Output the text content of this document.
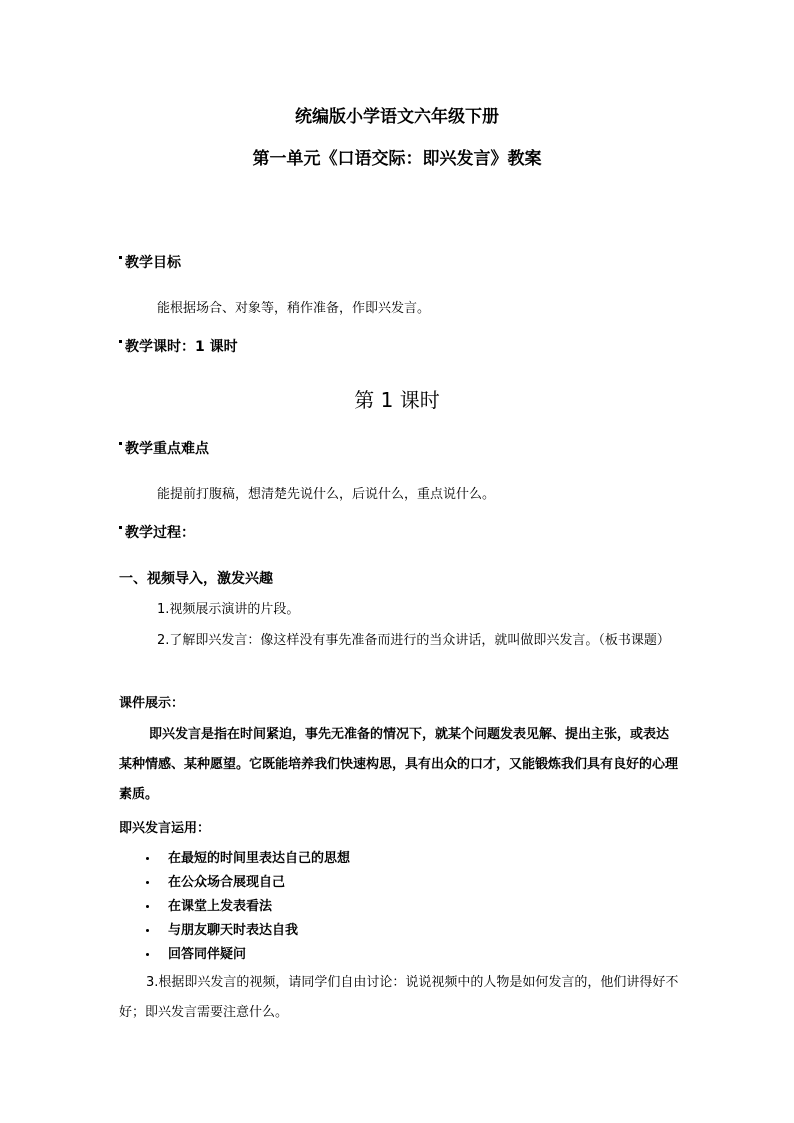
统编版小学语文六年级下册
第一单元《口语交际：即兴发言》教案
教学目标
能根据场合、对象等，稍作准备，作即兴发言。
教学课时：1 课时
第 1 课时
教学重点难点
能提前打腹稿，想清楚先说什么，后说什么，重点说什么。
教学过程：
一、视频导入，激发兴趣
1.视频展示演讲的片段。
2.了解即兴发言：像这样没有事先准备而进行的当众讲话，就叫做即兴发言。（板书课题）
课件展示：
即兴发言是指在时间紧迫，事先无准备的情况下，就某个问题发表见解、提出主张，或表达某种情感、某种愿望。它既能培养我们快速构思，具有出众的口才，又能锻炼我们具有良好的心理素质。
即兴发言运用：
在最短的时间里表达自己的思想
在公众场合展现自己
在课堂上发表看法
与朋友聊天时表达自我
回答同伴疑问
3.根据即兴发言的视频，请同学们自由讨论：说说视频中的人物是如何发言的，他们讲得好不好；即兴发言需要注意什么。
